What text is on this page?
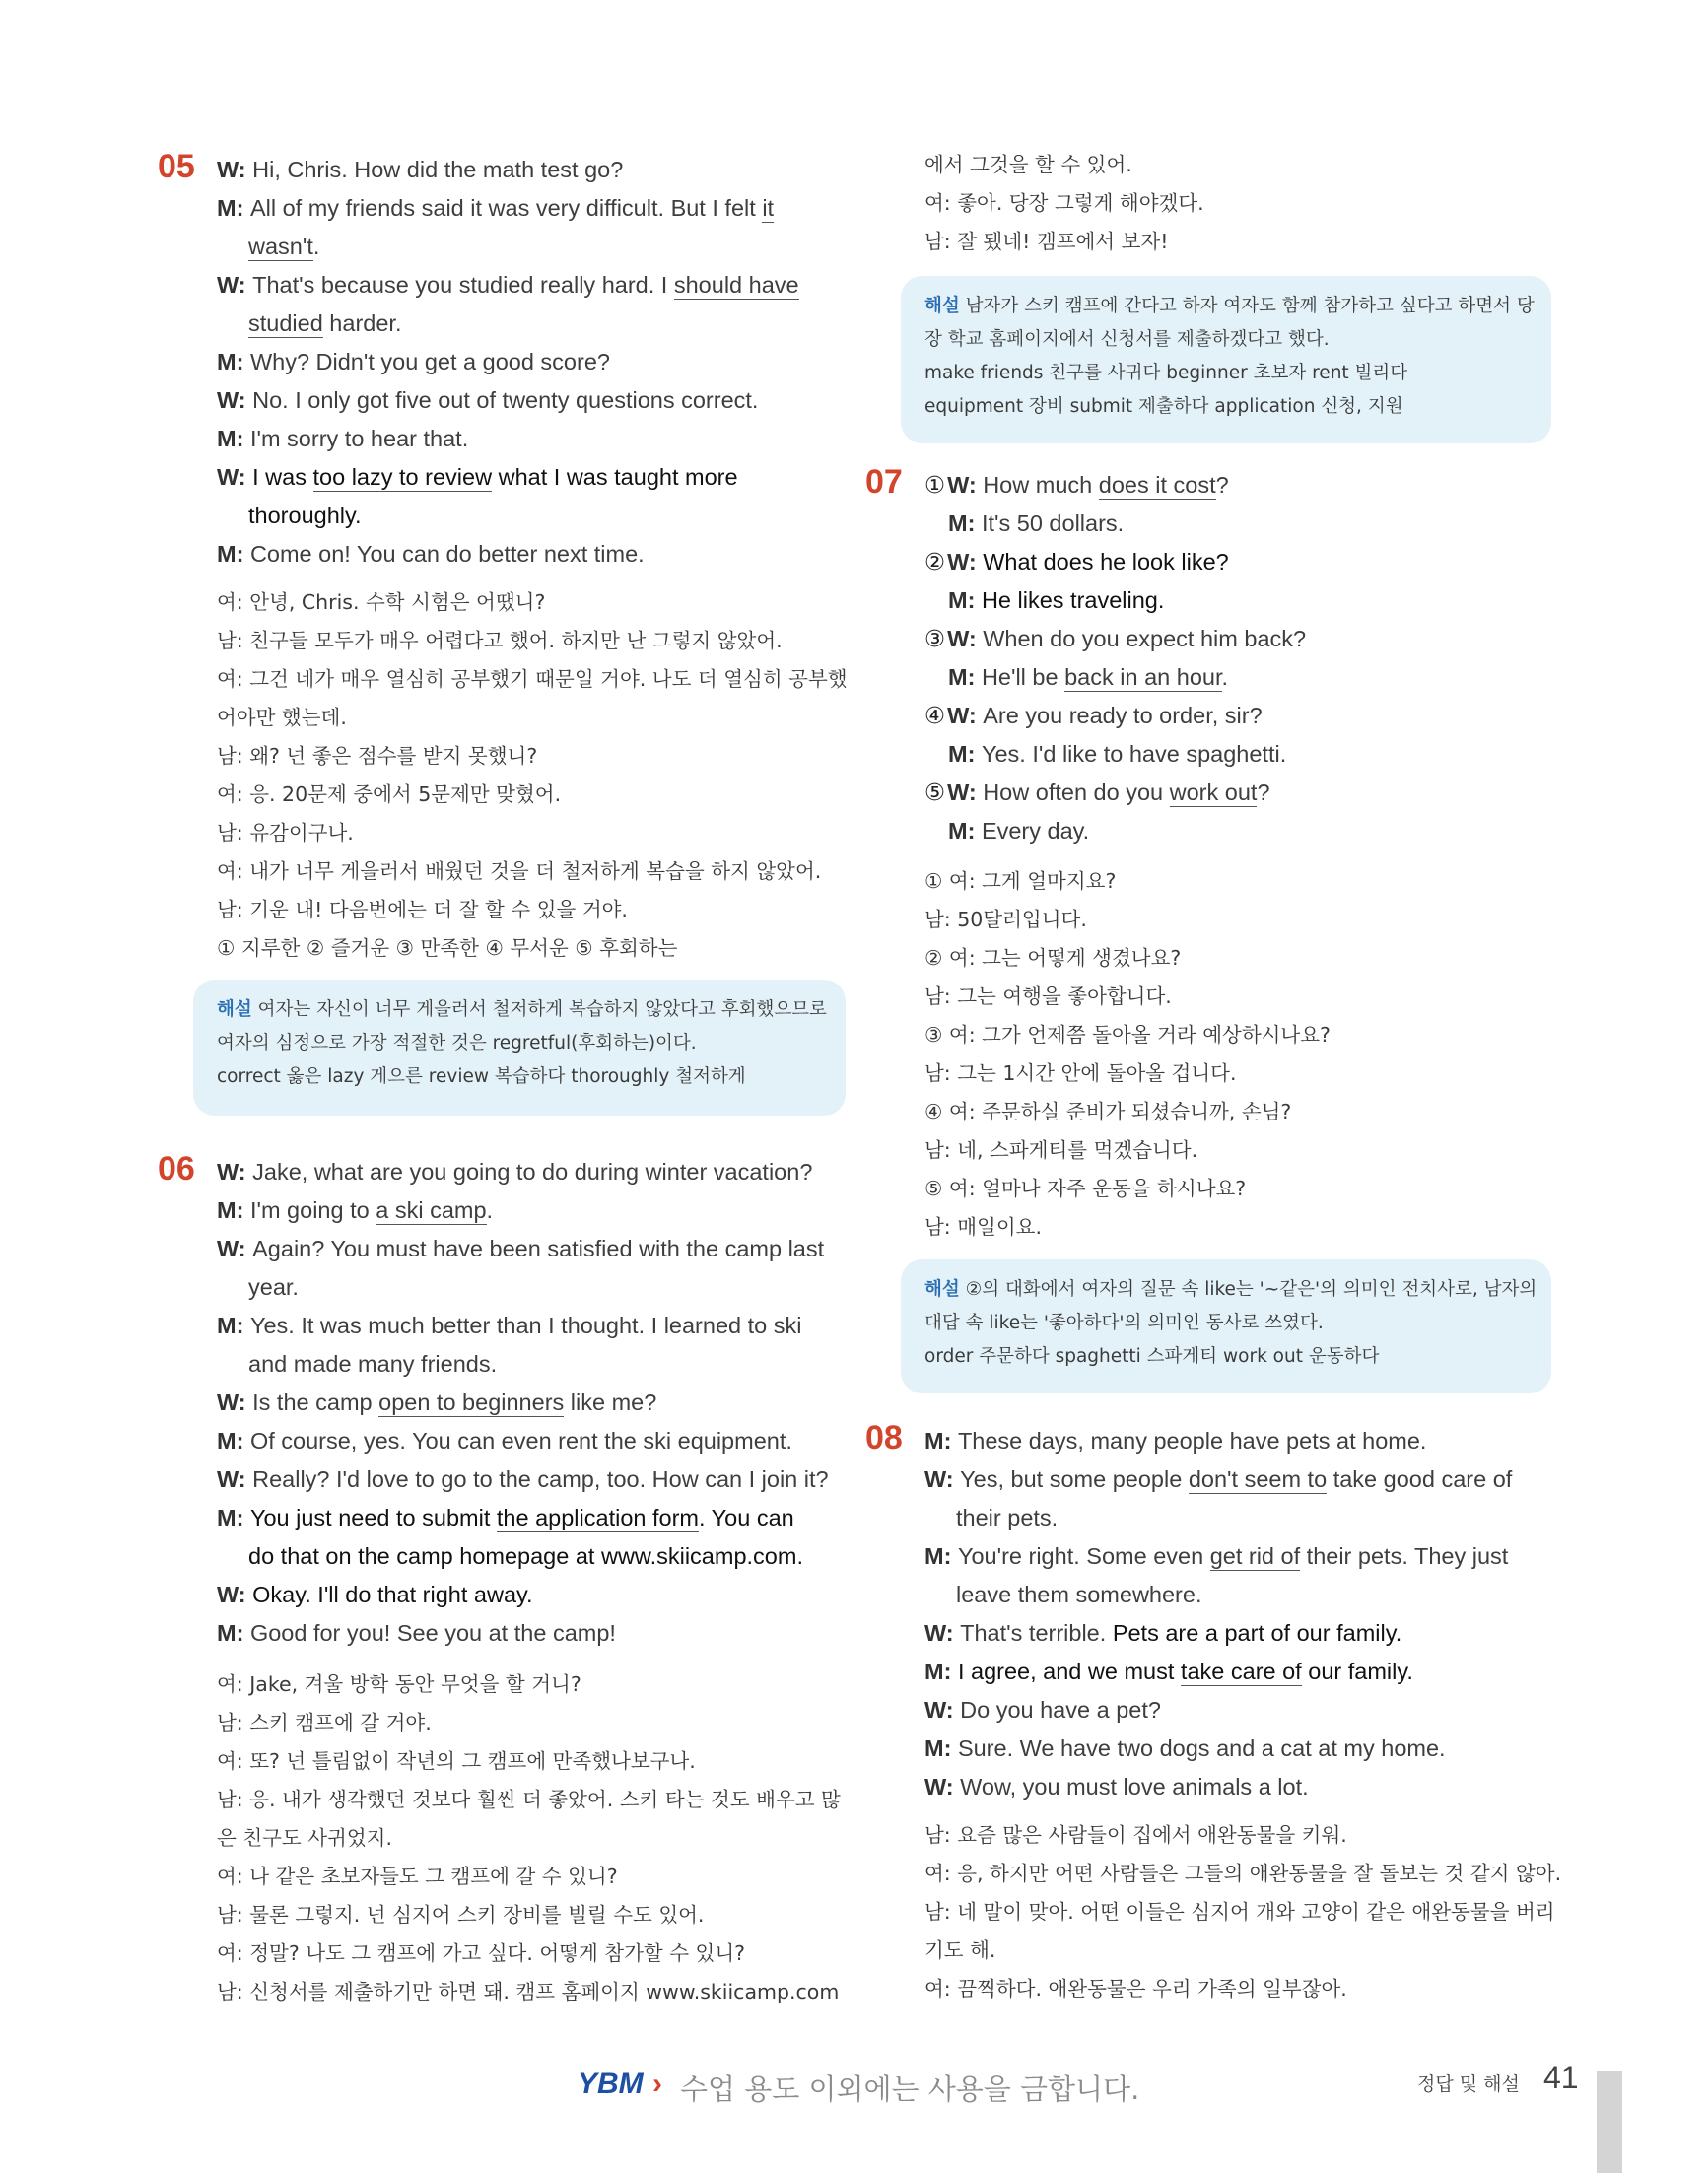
05 W: Hi, Chris. How did the math test go?
M: All of my friends said it was very difficult. But I felt it
wasn't.
W: That's because you studied really hard. I should have
studied harder.
M: Why? Didn't you get a good score?
W: No. I only got five out of twenty questions correct.
M: I'm sorry to hear that.
W: I was too lazy to review what I was taught more
thoroughly.
M: Come on! You can do better next time.
여: 안녕, Chris. 수학 시험은 어땠니?
남: 친구들 모두가 매우 어렵다고 했어. 하지만 난 그렇지 않았어.
여: 그건 네가 매우 열심히 공부했기 때문일 거야. 나도 더 열심히 공부했
어야만 했는데.
남: 왜? 넌 좋은 점수를 받지 못했니?
여: 응. 20문제 중에서 5문제만 맞혔어.
남: 유감이구나.
여: 내가 너무 게을러서 배웠던 것을 더 철저하게 복습을 하지 않았어.
남: 기운 내! 다음번에는 더 잘 할 수 있을 거야.
① 지루한 ② 즐거운 ③ 만족한 ④ 무서운 ⑤ 후회하는
해설 여자는 자신이 너무 게을러서 철저하게 복습하지 않았다고 후회했으므로
여자의 심정으로 가장 적절한 것은 regretful(후회하는)이다.
correct 옳은 lazy 게으른 review 복습하다 thoroughly 철저하게
06 W: Jake, what are you going to do during winter vacation?
M: I'm going to a ski camp.
W: Again? You must have been satisfied with the camp last
year.
M: Yes. It was much better than I thought. I learned to ski
and made many friends.
W: Is the camp open to beginners like me?
M: Of course, yes. You can even rent the ski equipment.
W: Really? I'd love to go to the camp, too. How can I join it?
M: You just need to submit the application form. You can
do that on the camp homepage at www.skiicamp.com.
W: Okay. I'll do that right away.
M: Good for you! See you at the camp!
여: Jake, 겨울 방학 동안 무엇을 할 거니?
남: 스키 캠프에 갈 거야.
여: 또? 넌 틀림없이 작년의 그 캠프에 만족했나보구나.
남: 응. 내가 생각했던 것보다 훨씬 더 좋았어. 스키 타는 것도 배우고 많
은 친구도 사귀었지.
여: 나 같은 초보자들도 그 캠프에 갈 수 있니?
남: 물론 그렇지. 넌 심지어 스키 장비를 빌릴 수도 있어.
여: 정말? 나도 그 캠프에 가고 싶다. 어떻게 참가할 수 있니?
남: 신청서를 제출하기만 하면 돼. 캠프 홈페이지 www.skiicamp.com
에서 그것을 할 수 있어.
여: 좋아. 당장 그렇게 해야겠다.
남: 잘 됐네! 캠프에서 보자!
해설 남자가 스키 캠프에 간다고 하자 여자도 함께 참가하고 싶다고 하면서 당
장 학교 홈페이지에서 신청서를 제출하겠다고 했다.
make friends 친구를 사귀다 beginner 초보자 rent 빌리다
equipment 장비 submit 제출하다 application 신청, 지원
07 ①W: How much does it cost?
M: It's 50 dollars.
②W: What does he look like?
M: He likes traveling.
③W: When do you expect him back?
M: He'll be back in an hour.
④W: Are you ready to order, sir?
M: Yes. I'd like to have spaghetti.
⑤W: How often do you work out?
M: Every day.
① 여: 그게 얼마지요?
남: 50달러입니다.
② 여: 그는 어떻게 생겼나요?
남: 그는 여행을 좋아합니다.
③ 여: 그가 언제쯤 돌아올 거라 예상하시나요?
남: 그는 1시간 안에 돌아올 겁니다.
④ 여: 주문하실 준비가 되셨습니까, 손님?
남: 네, 스파게티를 먹겠습니다.
⑤ 여: 얼마나 자주 운동을 하시나요?
남: 매일이요.
해설 ②의 대화에서 여자의 질문 속 like는 '~같은'의 의미인 전치사로, 남자의
대답 속 like는 '좋아하다'의 의미인 동사로 쓰였다.
order 주문하다 spaghetti 스파게티 work out 운동하다
08 M: These days, many people have pets at home.
W: Yes, but some people don't seem to take good care of
their pets.
M: You're right. Some even get rid of their pets. They just
leave them somewhere.
W: That's terrible. Pets are a part of our family.
M: I agree, and we must take care of our family.
W: Do you have a pet?
M: Sure. We have two dogs and a cat at my home.
W: Wow, you must love animals a lot.
남: 요즘 많은 사람들이 집에서 애완동물을 키워.
여: 응, 하지만 어떤 사람들은 그들의 애완동물을 잘 돌보는 것 같지 않아.
남: 네 말이 맞아. 어떤 이들은 심지어 개와 고양이 같은 애완동물을 버리
기도 해.
여: 끔찍하다. 애완동물은 우리 가족의 일부잖아.
YBM › 수업 용도 이외에는 사용을 금합니다.	정답 및 해설 41
